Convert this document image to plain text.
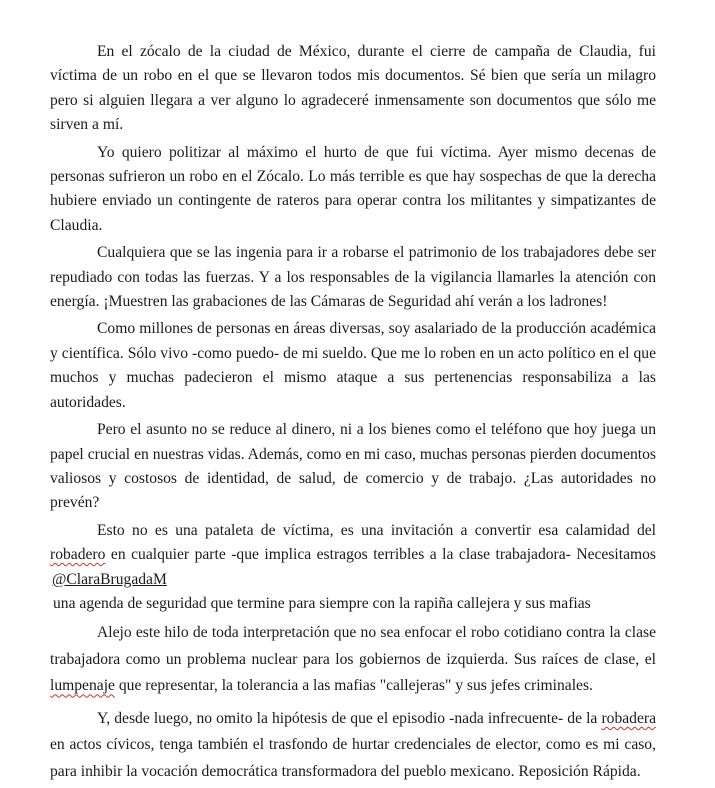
En el zócalo de la ciudad de México, durante el cierre de campaña de Claudia, fui víctima de un robo en el que se llevaron todos mis documentos. Sé bien que sería un milagro pero si alguien llegara a ver alguno lo agradeceré inmensamente son documentos que sólo me sirven a mí.

Yo quiero politizar al máximo el hurto de que fui víctima. Ayer mismo decenas de personas sufrieron un robo en el Zócalo. Lo más terrible es que hay sospechas de que la derecha hubiere enviado un contingente de rateros para operar contra los militantes y simpatizantes de Claudia.

Cualquiera que se las ingenia para ir a robarse el patrimonio de los trabajadores debe ser repudiado con todas las fuerzas. Y a los responsables de la vigilancia llamarles la atención con energía. ¡Muestren las grabaciones de las Cámaras de Seguridad ahí verán a los ladrones!

Como millones de personas en áreas diversas, soy asalariado de la producción académica y científica. Sólo vivo -como puedo- de mi sueldo. Que me lo roben en un acto político en el que muchos y muchas padecieron el mismo ataque a sus pertenencias responsabiliza a las autoridades.

Pero el asunto no se reduce al dinero, ni a los bienes como el teléfono que hoy juega un papel crucial en nuestras vidas. Además, como en mi caso, muchas personas pierden documentos valiosos y costosos de identidad, de salud, de comercio y de trabajo. ¿Las autoridades no prevén?

Esto no es una pataleta de víctima, es una invitación a convertir esa calamidad del robadero en cualquier parte -que implica estragos terribles a la clase trabajadora- Necesitamos @ClaraBrugadaM

una agenda de seguridad que termine para siempre con la rapiña callejera y sus mafias

Alejo este hilo de toda interpretación que no sea enfocar el robo cotidiano contra la clase trabajadora como un problema nuclear para los gobiernos de izquierda. Sus raíces de clase, el lumpenaje que representar, la tolerancia a las mafias "callejeras" y sus jefes criminales.

Y, desde luego, no omito la hipótesis de que el episodio -nada infrecuente- de la robadera en actos cívicos, tenga también el trasfondo de hurtar credenciales de elector, como es mi caso, para inhibir la vocación democrática transformadora del pueblo mexicano. Reposición Rápida.
